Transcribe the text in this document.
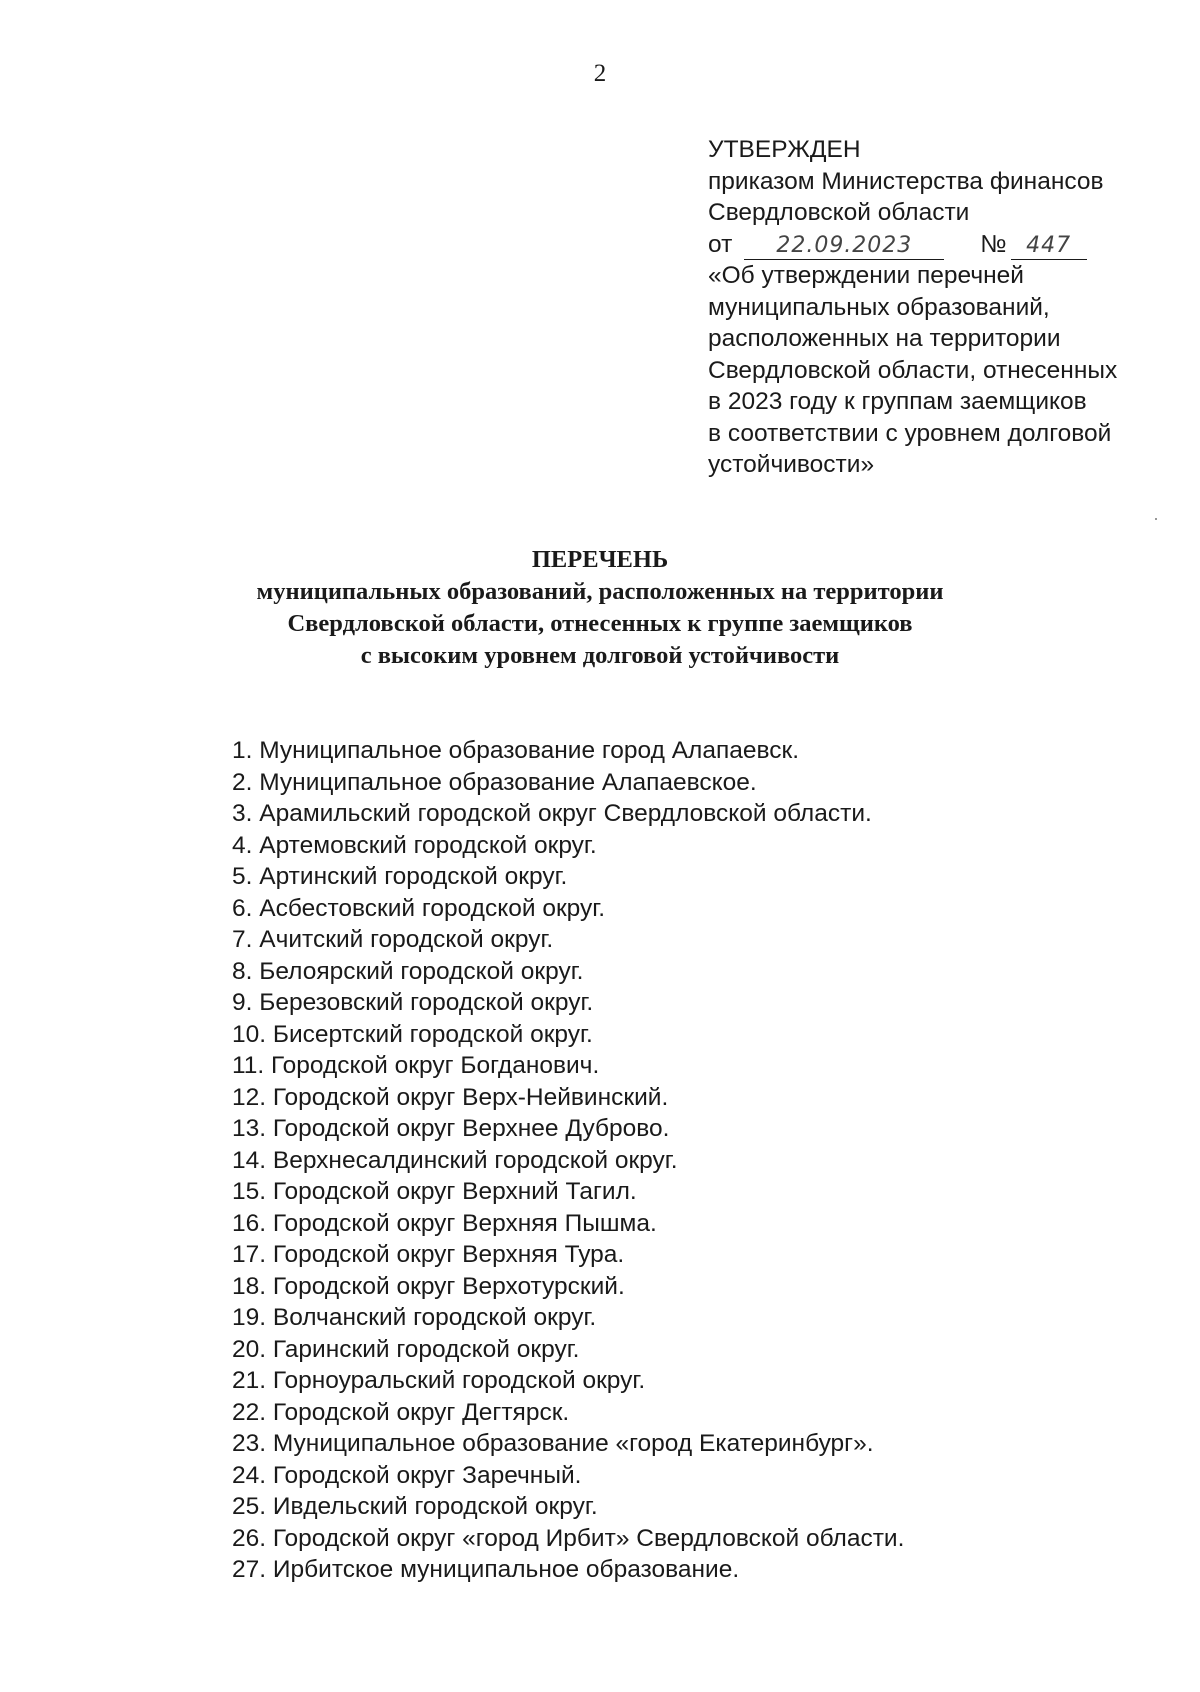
2
УТВЕРЖДЕН
приказом Министерства финансов
Свердловской области
от 22.09.2023	№ 447
«Об утверждении перечней
муниципальных образований,
расположенных на территории
Свердловской области, отнесенных
в 2023 году к группам заемщиков
в соответствии с уровнем долговой
устойчивости»
ПЕРЕЧЕНЬ
муниципальных образований, расположенных на территории
Свердловской области, отнесенных к группе заемщиков
с высоким уровнем долговой устойчивости
1. Муниципальное образование город Алапаевск.
2. Муниципальное образование Алапаевское.
3. Арамильский городской округ Свердловской области.
4. Артемовский городской округ.
5. Артинский городской округ.
6. Асбестовский городской округ.
7. Ачитский городской округ.
8. Белоярский городской округ.
9. Березовский городской округ.
10. Бисертский городской округ.
11. Городской округ Богданович.
12. Городской округ Верх-Нейвинский.
13. Городской округ Верхнее Дуброво.
14. Верхнесалдинский городской округ.
15. Городской округ Верхний Тагил.
16. Городской округ Верхняя Пышма.
17. Городской округ Верхняя Тура.
18. Городской округ Верхотурский.
19. Волчанский городской округ.
20. Гаринский городской округ.
21. Горноуральский городской округ.
22. Городской округ Дегтярск.
23. Муниципальное образование «город Екатеринбург».
24. Городской округ Заречный.
25. Ивдельский городской округ.
26. Городской округ «город Ирбит» Свердловской области.
27. Ирбитское муниципальное образование.
